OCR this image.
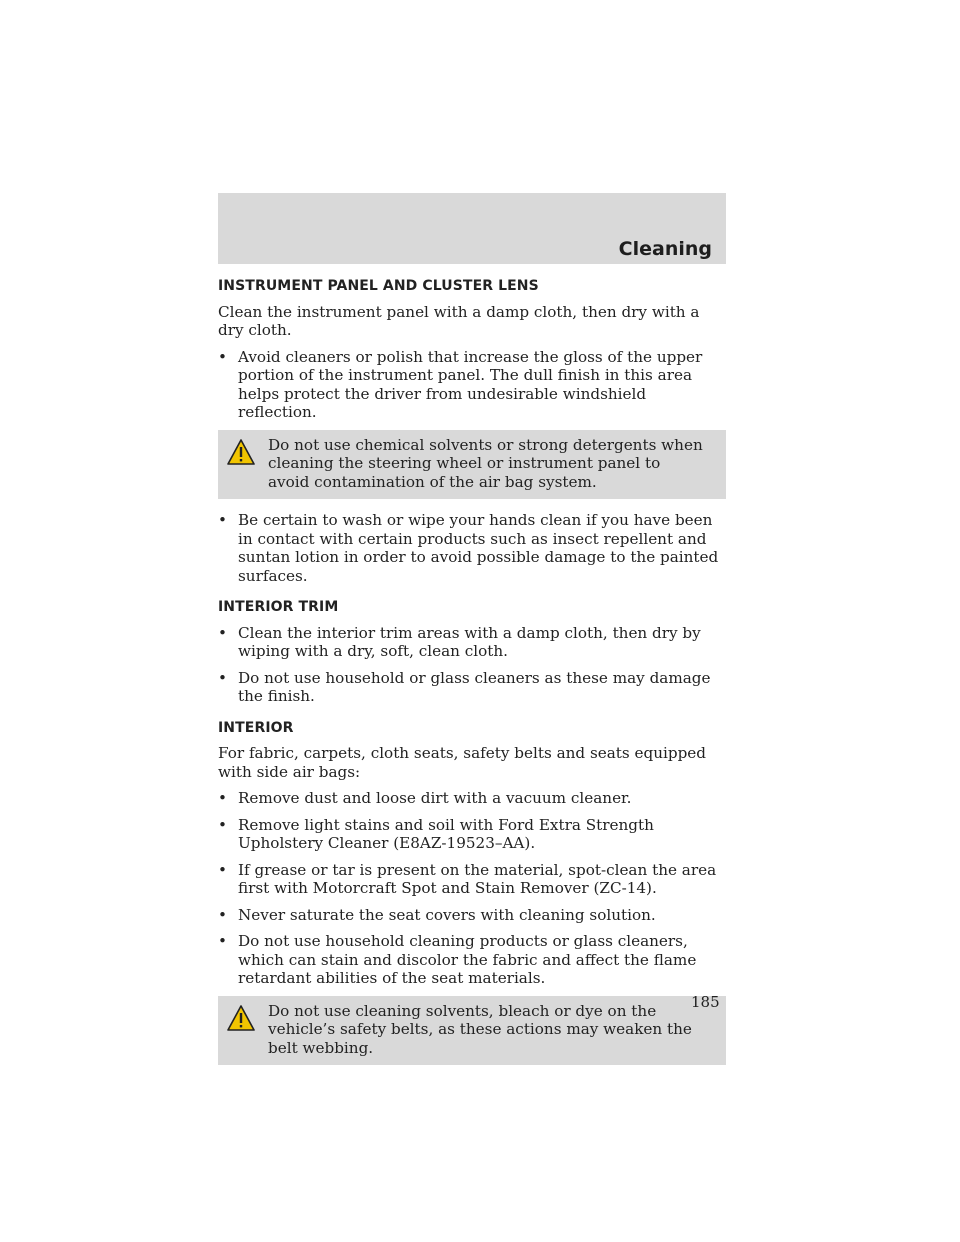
Cleaning
INSTRUMENT PANEL AND CLUSTER LENS
Clean the instrument panel with a damp cloth, then dry with a dry cloth.
• Avoid cleaners or polish that increase the gloss of the upper portion of the instrument panel. The dull finish in this area helps protect the driver from undesirable windshield reflection.
Do not use chemical solvents or strong detergents when cleaning the steering wheel or instrument panel to avoid contamination of the air bag system.
• Be certain to wash or wipe your hands clean if you have been in contact with certain products such as insect repellent and suntan lotion in order to avoid possible damage to the painted surfaces.
INTERIOR TRIM
• Clean the interior trim areas with a damp cloth, then dry by wiping with a dry, soft, clean cloth.
• Do not use household or glass cleaners as these may damage the finish.
INTERIOR
For fabric, carpets, cloth seats, safety belts and seats equipped with side air bags:
• Remove dust and loose dirt with a vacuum cleaner.
• Remove light stains and soil with Ford Extra Strength Upholstery Cleaner (E8AZ-19523–AA).
• If grease or tar is present on the material, spot-clean the area first with Motorcraft Spot and Stain Remover (ZC-14).
• Never saturate the seat covers with cleaning solution.
• Do not use household cleaning products or glass cleaners, which can stain and discolor the fabric and affect the flame retardant abilities of the seat materials.
Do not use cleaning solvents, bleach or dye on the vehicle’s safety belts, as these actions may weaken the belt webbing.
185
